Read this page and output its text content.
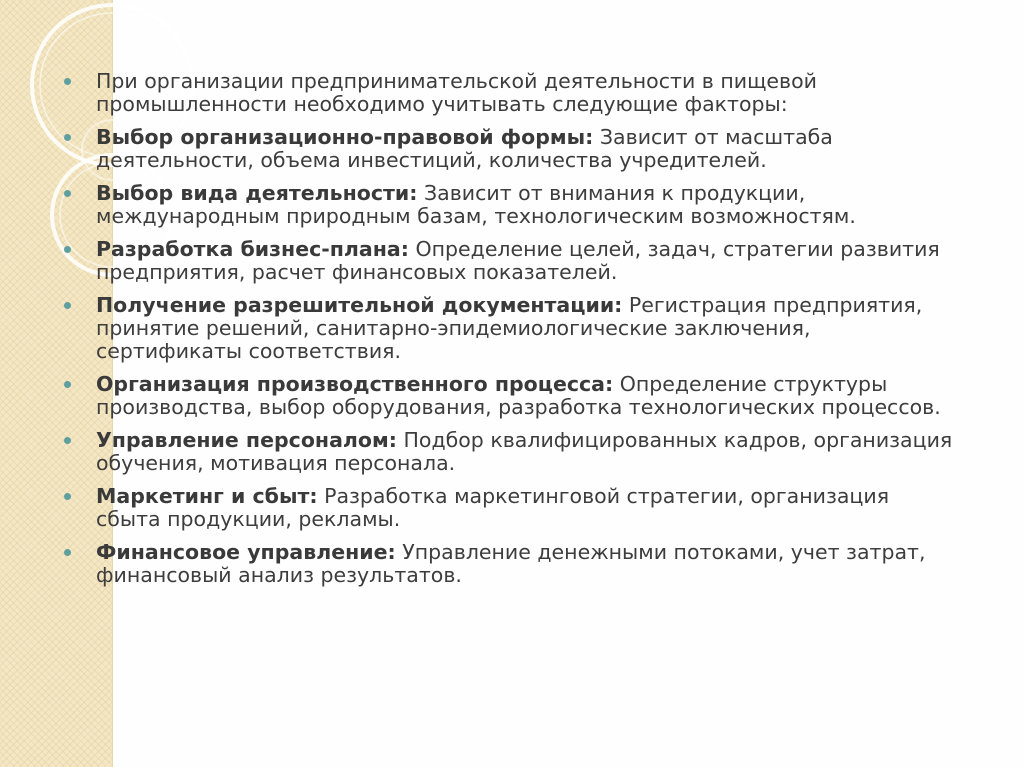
При организации предпринимательской деятельности в пищевой промышленности необходимо учитывать следующие факторы:
Выбор организационно-правовой формы: Зависит от масштаба деятельности, объема инвестиций, количества учредителей.
Выбор вида деятельности: Зависит от внимания к продукции, международным природным базам, технологическим возможностям.
Разработка бизнес-плана: Определение целей, задач, стратегии развития предприятия, расчет финансовых показателей.
Получение разрешительной документации: Регистрация предприятия, принятие решений, санитарно-эпидемиологические заключения, сертификаты соответствия.
Организация производственного процесса: Определение структуры производства, выбор оборудования, разработка технологических процессов.
Управление персоналом: Подбор квалифицированных кадров, организация обучения, мотивация персонала.
Маркетинг и сбыт: Разработка маркетинговой стратегии, организация сбыта продукции, рекламы.
Финансовое управление: Управление денежными потоками, учет затрат, финансовый анализ результатов.
